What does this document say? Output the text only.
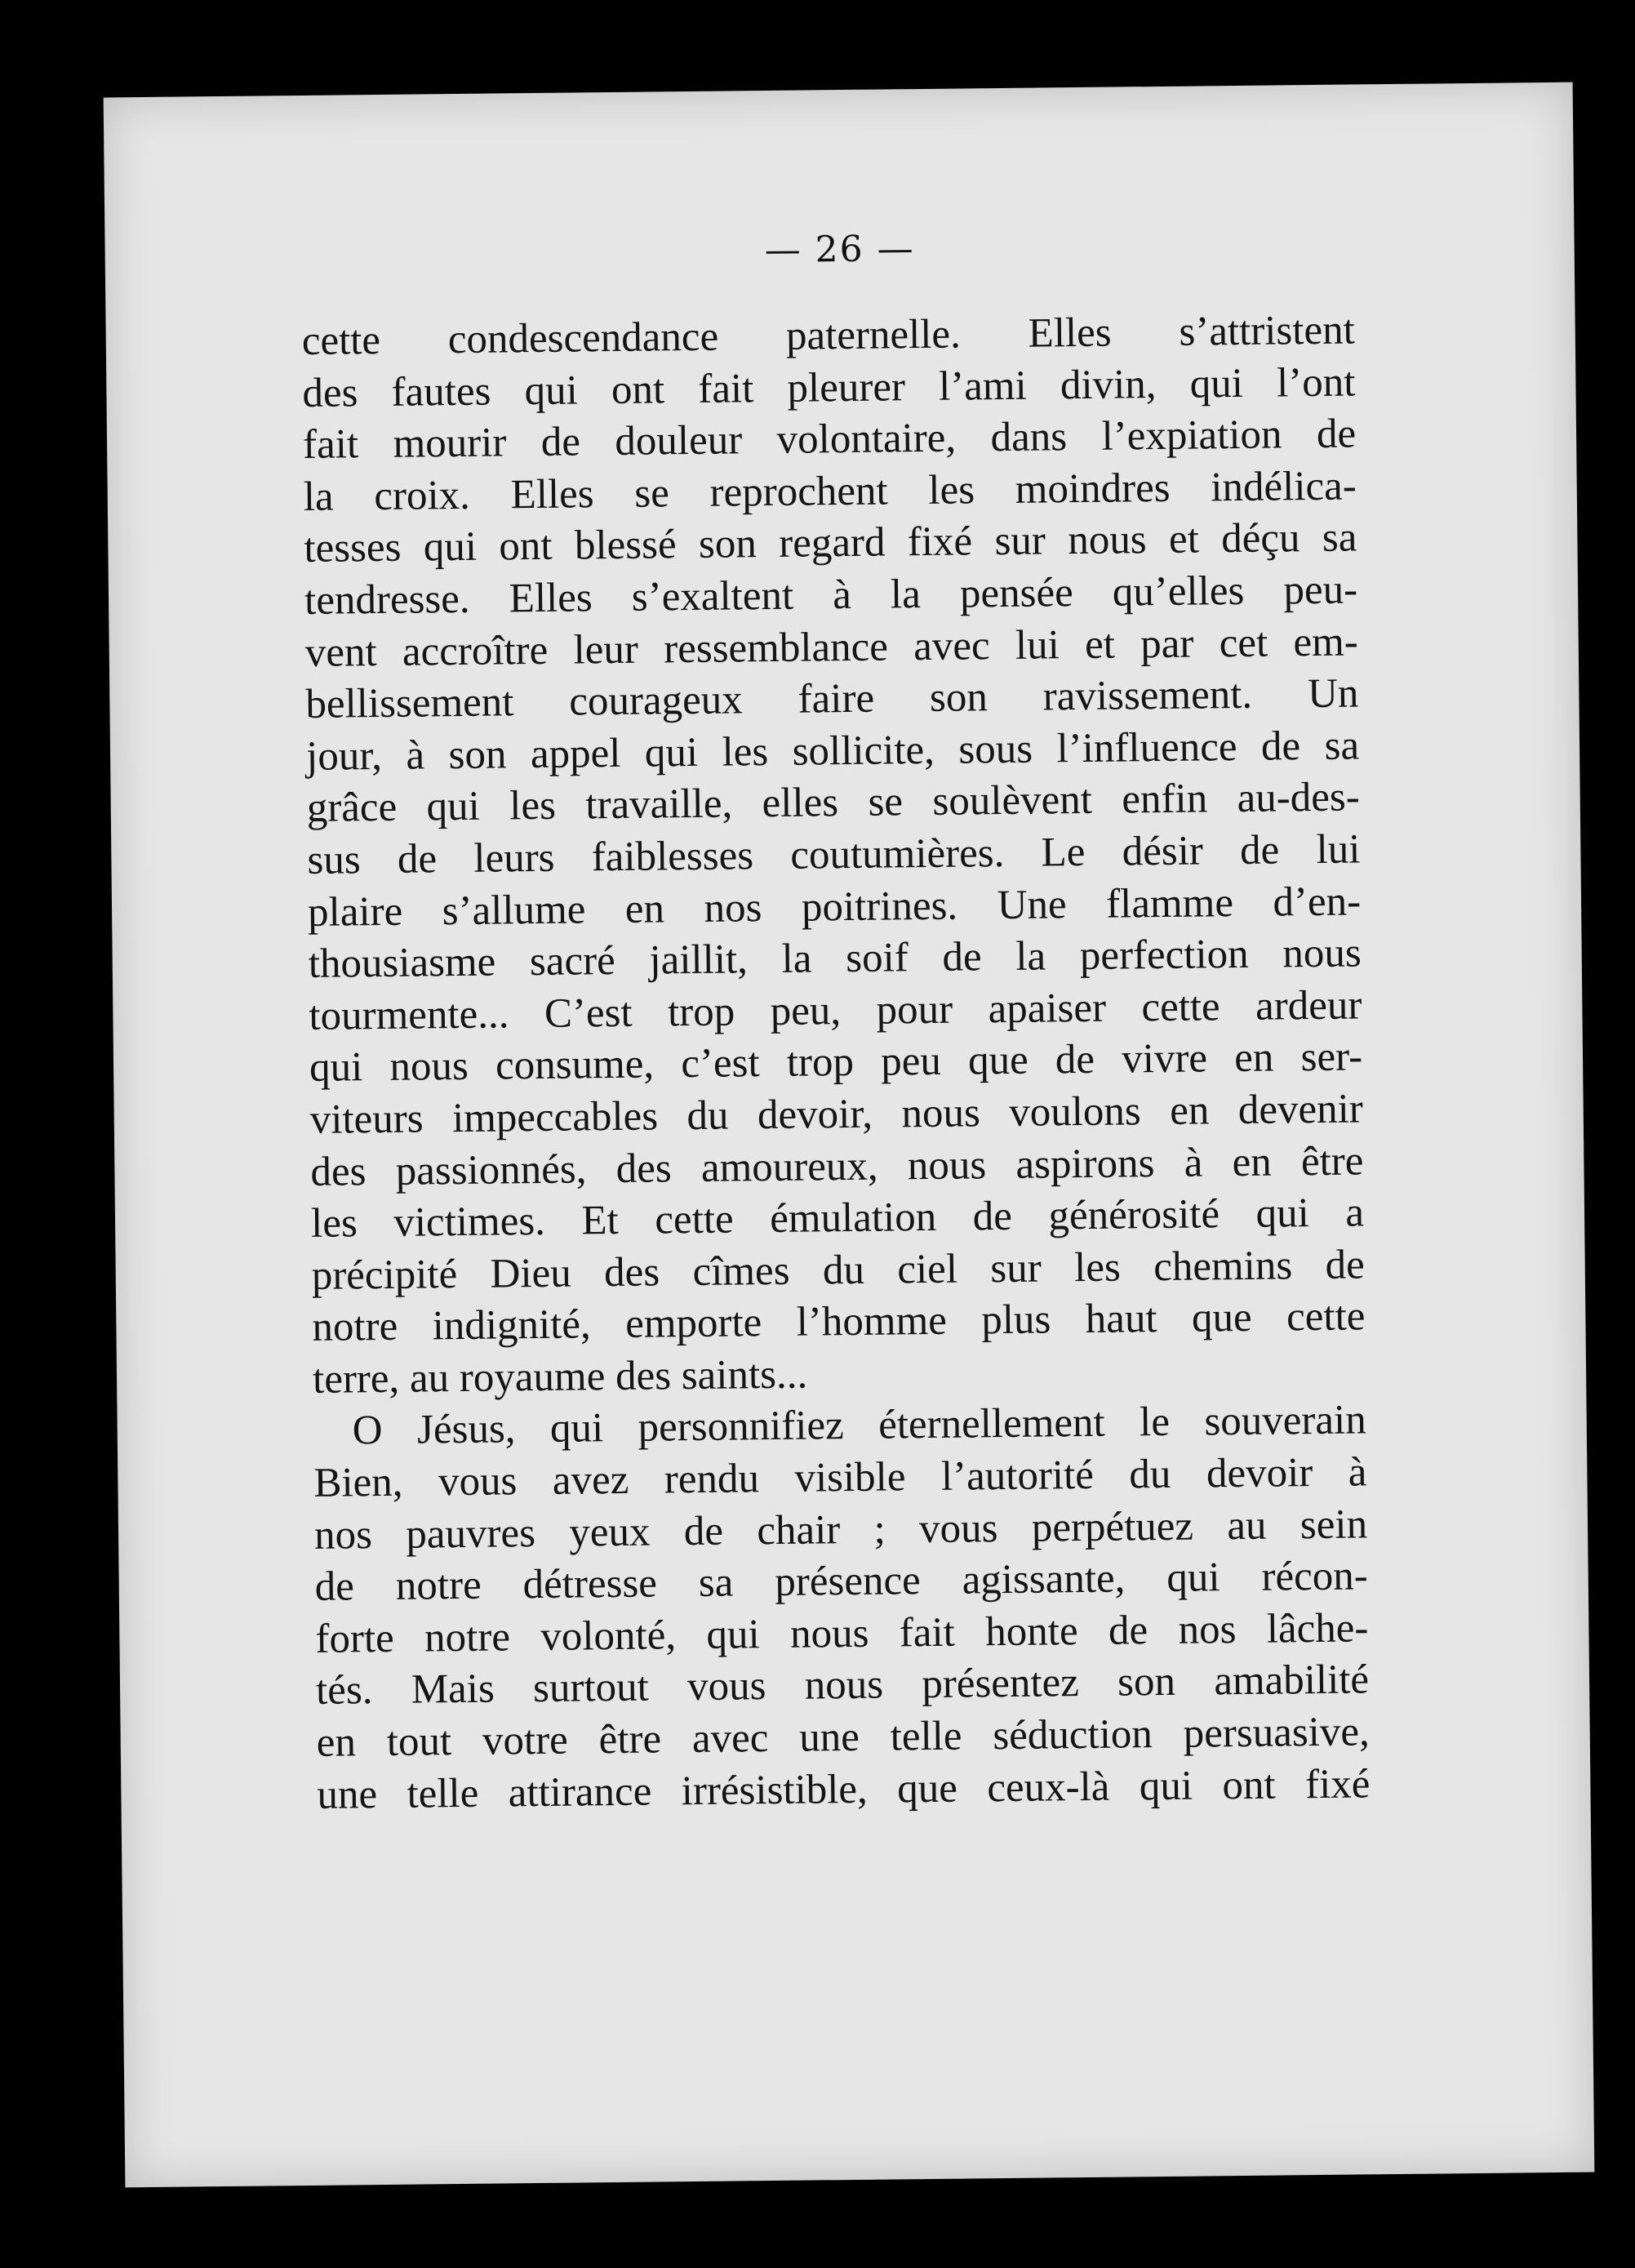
— 26 —
cette condescendance paternelle. Elles s’attristent
des fautes qui ont fait pleurer l’ami divin, qui l’ont
fait mourir de douleur volontaire, dans l’expiation de
la croix. Elles se reprochent les moindres indélica-
tesses qui ont blessé son regard fixé sur nous et déçu sa
tendresse. Elles s’exaltent à la pensée qu’elles peu-
vent accroître leur ressemblance avec lui et par cet em-
bellissement courageux faire son ravissement. Un
jour, à son appel qui les sollicite, sous l’influence de sa
grâce qui les travaille, elles se soulèvent enfin au-des-
sus de leurs faiblesses coutumières. Le désir de lui
plaire s’allume en nos poitrines. Une flamme d’en-
thousiasme sacré jaillit, la soif de la perfection nous
tourmente... C’est trop peu, pour apaiser cette ardeur
qui nous consume, c’est trop peu que de vivre en ser-
viteurs impeccables du devoir, nous voulons en devenir
des passionnés, des amoureux, nous aspirons à en être
les victimes. Et cette émulation de générosité qui a
précipité Dieu des cîmes du ciel sur les chemins de
notre indignité, emporte l’homme plus haut que cette
terre, au royaume des saints...
O Jésus, qui personnifiez éternellement le souverain
Bien, vous avez rendu visible l’autorité du devoir à
nos pauvres yeux de chair ; vous perpétuez au sein
de notre détresse sa présence agissante, qui récon-
forte notre volonté, qui nous fait honte de nos lâche-
tés. Mais surtout vous nous présentez son amabilité
en tout votre être avec une telle séduction persuasive,
une telle attirance irrésistible, que ceux-là qui ont fixé
